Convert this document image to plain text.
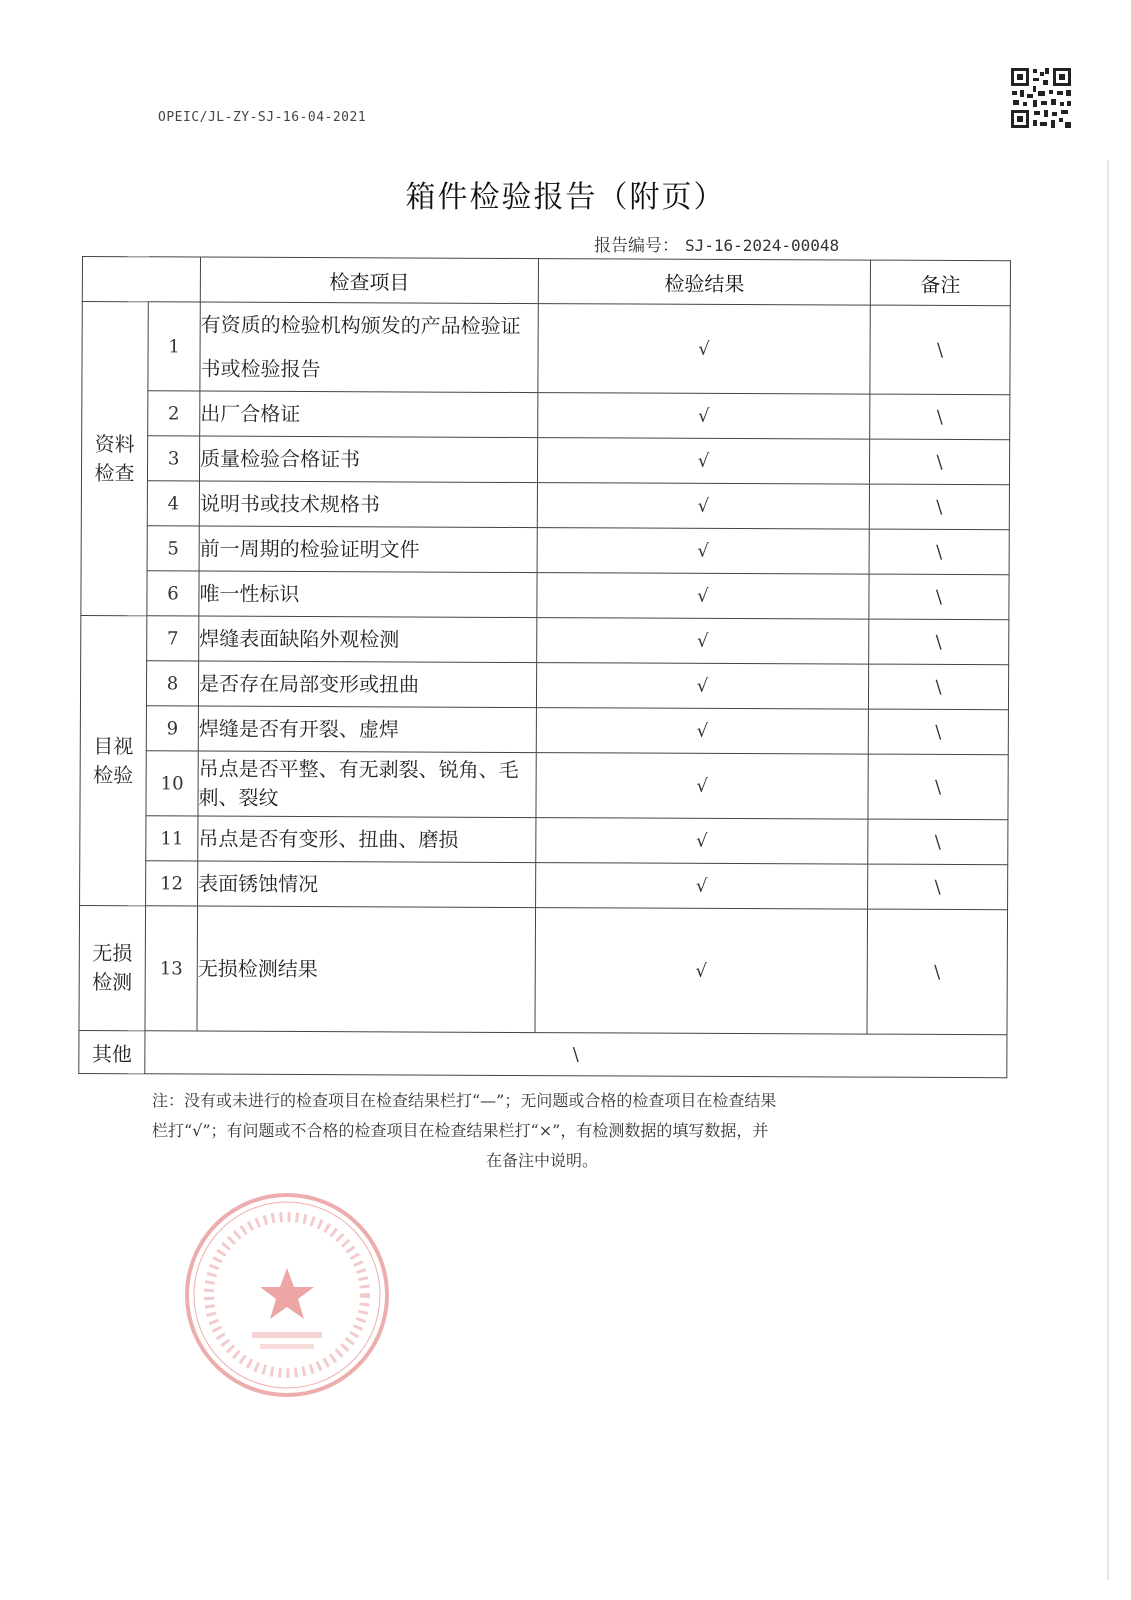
OPEIC/JL-ZY-SJ-16-04-2021
箱件检验报告（附页）
报告编号： SJ-16-2024-00048
		检查项目	检验结果	备注
资料
检查	1	有资质的检验机构颁发的产品检验证书或检验报告	√	\
	2	出厂合格证	√	\
	3	质量检验合格证书	√	\
	4	说明书或技术规格书	√	\
	5	前一周期的检验证明文件	√	\
	6	唯一性标识	√	\
目视
检验	7	焊缝表面缺陷外观检测	√	\
	8	是否存在局部变形或扭曲	√	\
	9	焊缝是否有开裂、虚焊	√	\
	10	吊点是否平整、有无剥裂、锐角、毛刺、裂纹	√	\
	11	吊点是否有变形、扭曲、磨损	√	\
	12	表面锈蚀情况	√	\
无损
检测	13	无损检测结果	√	\
其他	\			
注：没有或未进行的检查项目在检查结果栏打“—”；无问题或合格的检查项目在检查结果
栏打“√”；有问题或不合格的检查项目在检查结果栏打“×”，有检测数据的填写数据，并
在备注中说明。
